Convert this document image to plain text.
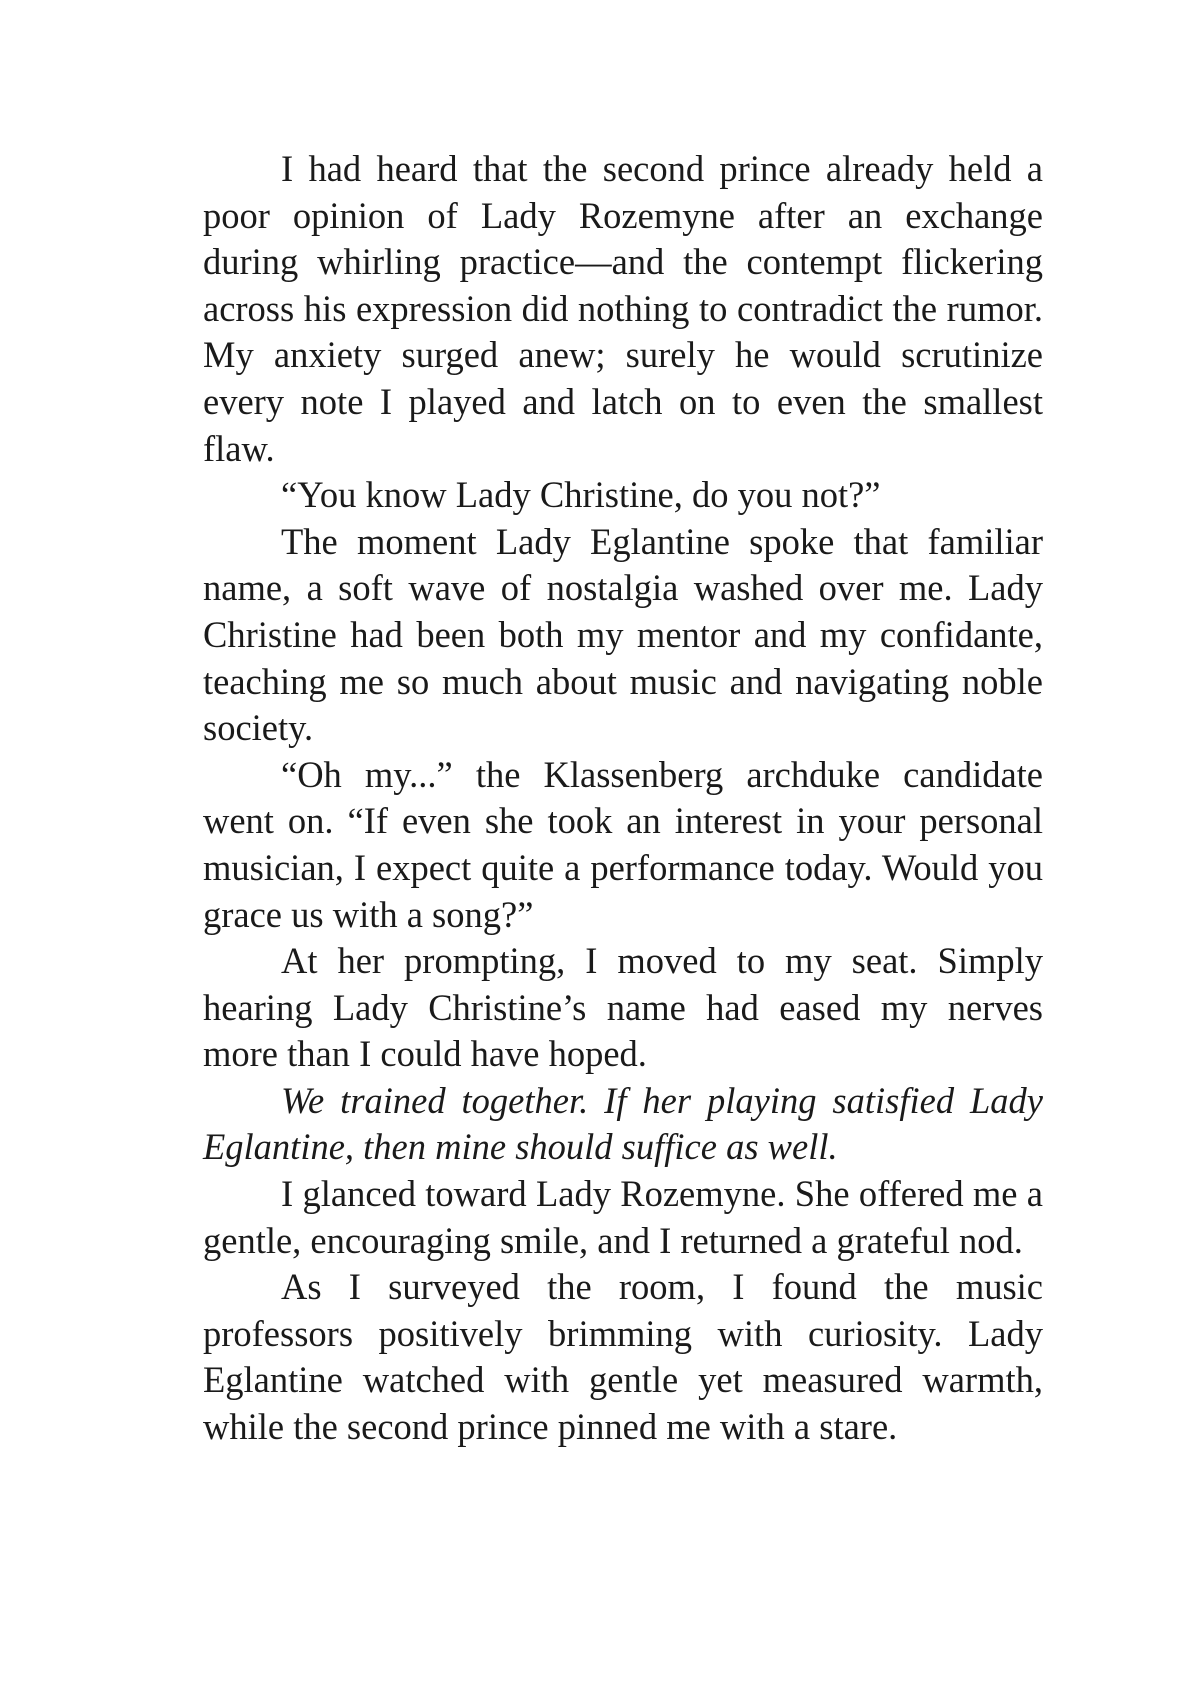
I had heard that the second prince already held a poor opinion of Lady Rozemyne after an exchange during whirling practice—and the contempt flickering across his expression did nothing to contradict the rumor. My anxiety surged anew; surely he would scrutinize every note I played and latch on to even the smallest flaw.

“You know Lady Christine, do you not?”

The moment Lady Eglantine spoke that familiar name, a soft wave of nostalgia washed over me. Lady Christine had been both my mentor and my confidante, teaching me so much about music and navigating noble society.

“Oh my...” the Klassenberg archduke candidate went on. “If even she took an interest in your personal musician, I expect quite a performance today. Would you grace us with a song?”

At her prompting, I moved to my seat. Simply hearing Lady Christine’s name had eased my nerves more than I could have hoped.

We trained together. If her playing satisfied Lady Eglantine, then mine should suffice as well.

I glanced toward Lady Rozemyne. She offered me a gentle, encouraging smile, and I returned a grateful nod.

As I surveyed the room, I found the music professors positively brimming with curiosity. Lady Eglantine watched with gentle yet measured warmth, while the second prince pinned me with a stare.
